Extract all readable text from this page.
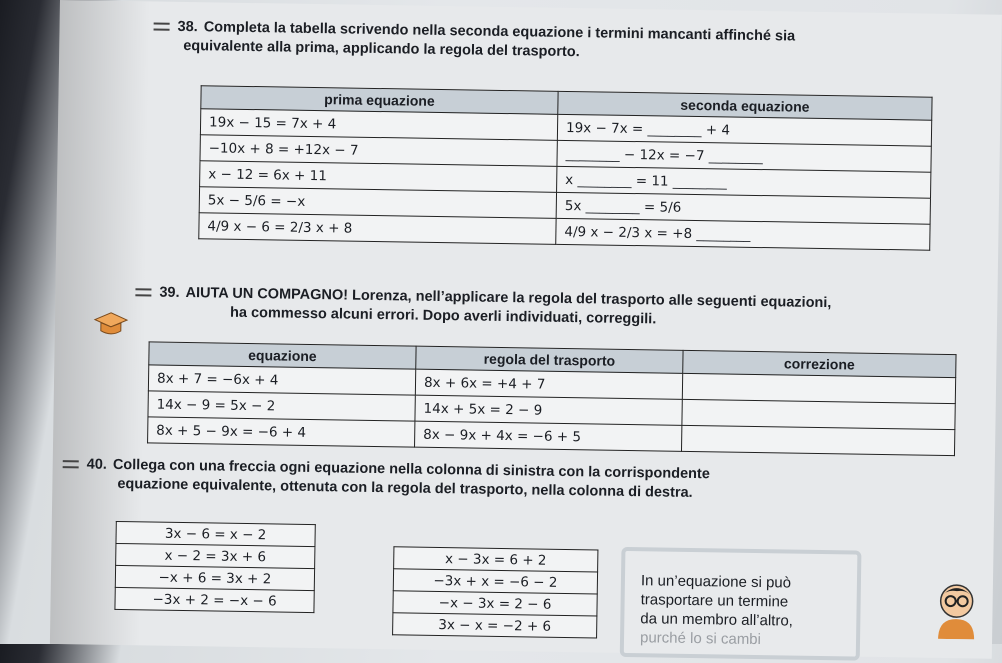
38. Completa la tabella scrivendo nella seconda equazione i termini mancanti affinché sia
equivalente alla prima, applicando la regola del trasporto.
prima equazione	seconda equazione
19x − 15 = 7x + 4	19x − 7x = ________ + 4
−10x + 8 = +12x − 7	________ − 12x = −7 ________
x − 12 = 6x + 11	x ________ = 11 ________
5x − 5/6 = −x	5x ________ = 5/6
4/9 x − 6 = 2/3 x + 8	4/9 x − 2/3 x = +8 ________
39. AIUTA UN COMPAGNO! Lorenza, nell’applicare la regola del trasporto alle seguenti equazioni,
ha commesso alcuni errori. Dopo averli individuati, correggili.
equazione	regola del trasporto	correzione
8x + 7 = −6x + 4	8x + 6x = +4 + 7	
14x − 9 = 5x − 2	14x + 5x = 2 − 9	
8x + 5 − 9x = −6 + 4	8x − 9x + 4x = −6 + 5	
40. Collega con una freccia ogni equazione nella colonna di sinistra con la corrispondente
equazione equivalente, ottenuta con la regola del trasporto, nella colonna di destra.
3x − 6 = x − 2
x − 2 = 3x + 6
−x + 6 = 3x + 2
−3x + 2 = −x − 6
x − 3x = 6 + 2
−3x + x = −6 − 2
−x − 3x = 2 − 6
3x − x = −2 + 6
In un’equazione si può
trasportare un termine
da un membro all’altro,
purché lo si cambi
